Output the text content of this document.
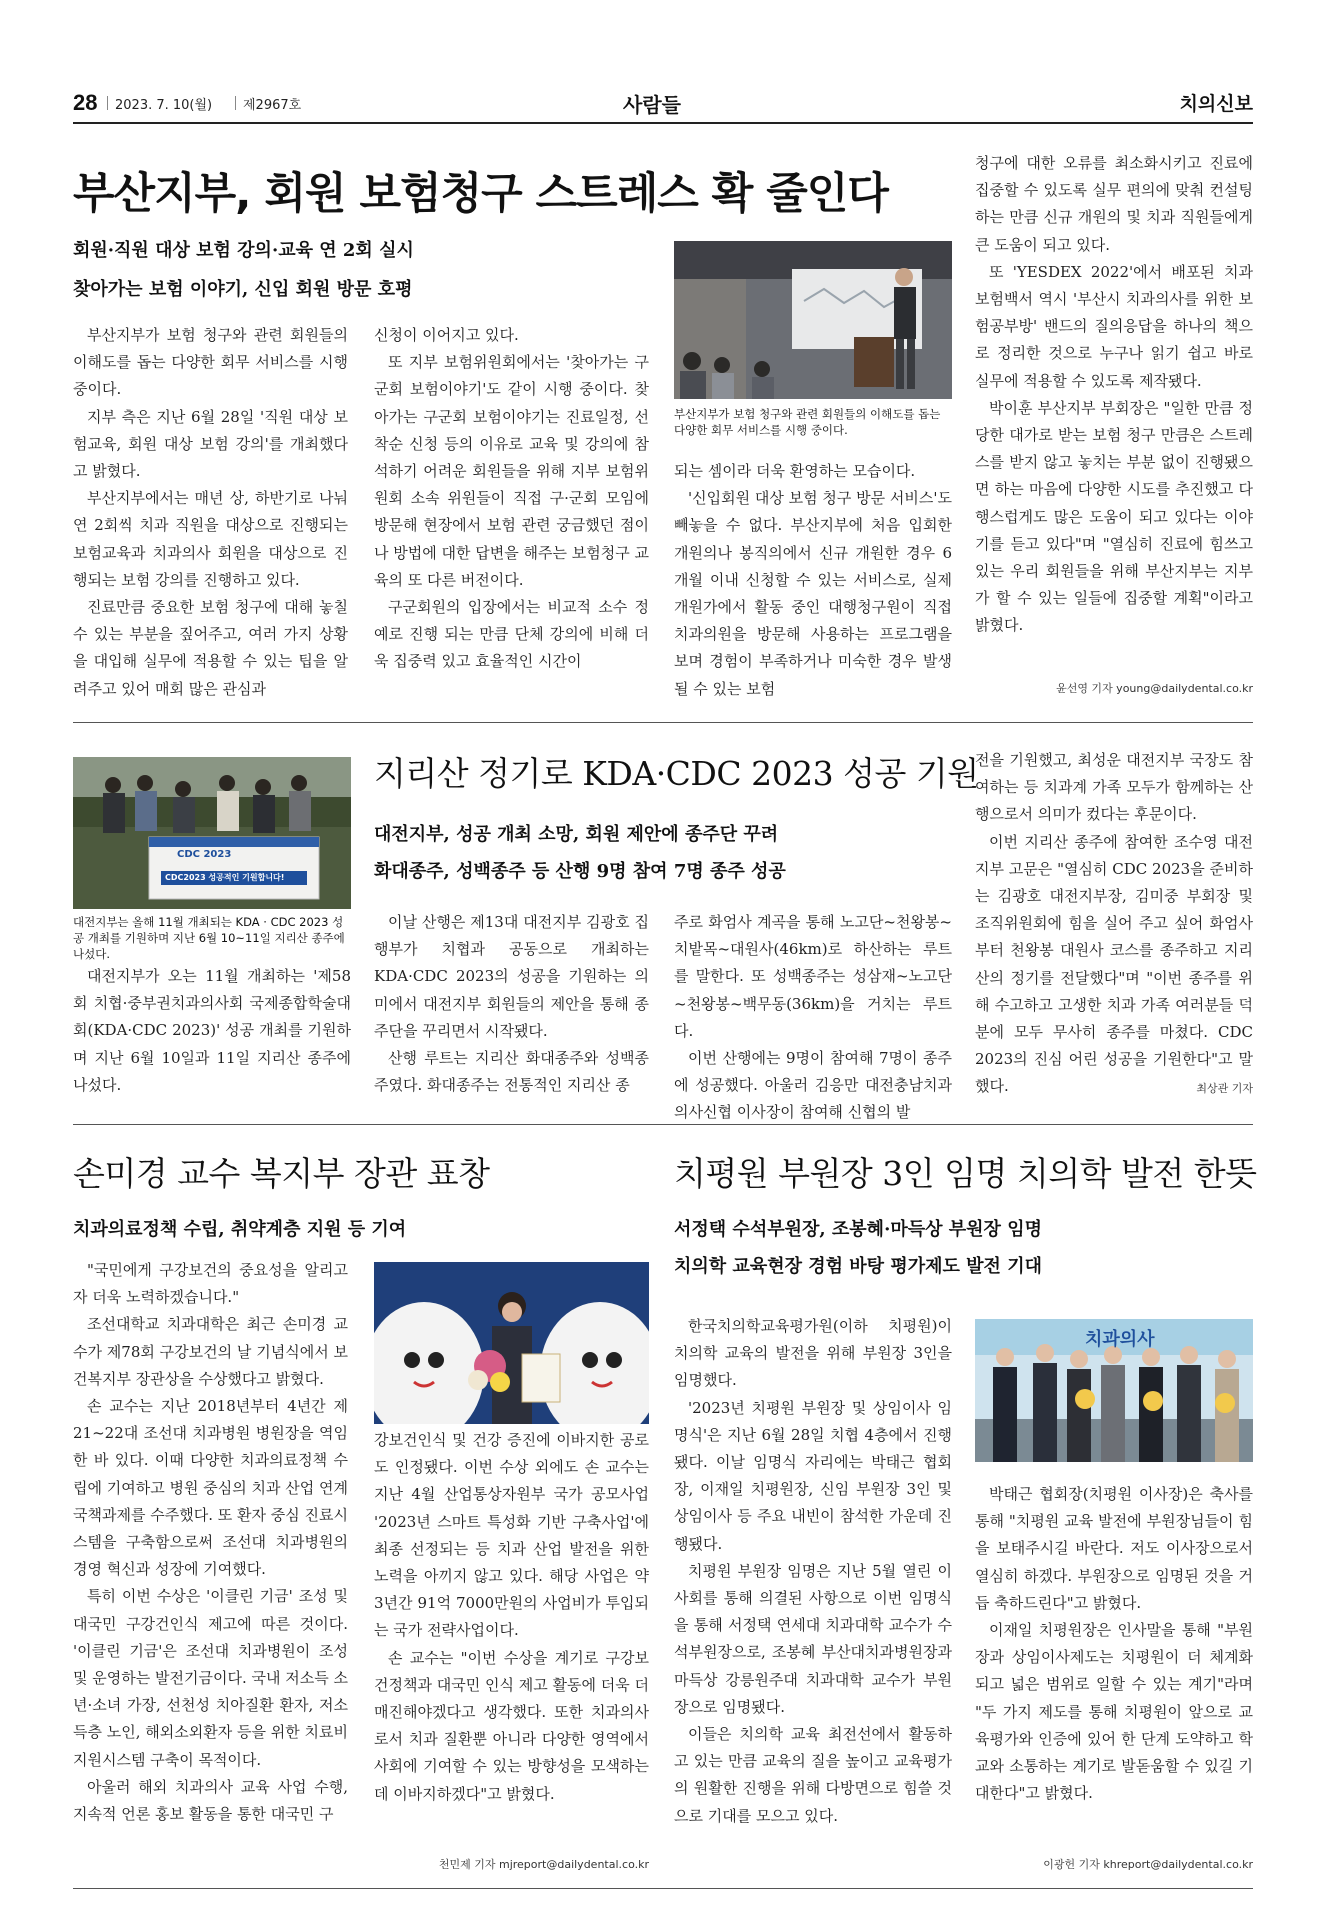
28 2023. 7. 10(월) 제2967호	사람들	치의신보
부산지부, 회원 보험청구 스트레스 확 줄인다
회원·직원 대상 보험 강의·교육 연 2회 실시
찾아가는 보험 이야기, 신입 회원 방문 호평
부산지부가 보험 청구와 관련 회원들의 이해도를 돕는 다양한 회무 서비스를 시행 중이다.

부산지부가 보험 청구와 관련 회원들의 이해도를 돕는 다양한 회무 서비스를 시행 중이다.

지부 측은 지난 6월 28일 '직원 대상 보험교육, 회원 대상 보험 강의'를 개최했다고 밝혔다.

부산지부에서는 매년 상, 하반기로 나눠 연 2회씩 치과 직원을 대상으로 진행되는 보험교육과 치과의사 회원을 대상으로 진행되는 보험 강의를 진행하고 있다.

진료만큼 중요한 보험 청구에 대해 놓칠 수 있는 부분을 짚어주고, 여러 가지 상황을 대입해 실무에 적용할 수 있는 팁을 알려주고 있어 매회 많은 관심과

신청이 이어지고 있다.

또 지부 보험위원회에서는 '찾아가는 구군회 보험이야기'도 같이 시행 중이다. 찾아가는 구군회 보험이야기는 진료일정, 선착순 신청 등의 이유로 교육 및 강의에 참석하기 어려운 회원들을 위해 지부 보험위원회 소속 위원들이 직접 구·군회 모임에 방문해 현장에서 보험 관련 궁금했던 점이나 방법에 대한 답변을 해주는 보험청구 교육의 또 다른 버전이다.

구군회원의 입장에서는 비교적 소수 정예로 진행 되는 만큼 단체 강의에 비해 더욱 집중력 있고 효율적인 시간이

되는 셈이라 더욱 환영하는 모습이다.

'신입회원 대상 보험 청구 방문 서비스'도 빼놓을 수 없다. 부산지부에 처음 입회한 개원의나 봉직의에서 신규 개원한 경우 6개월 이내 신청할 수 있는 서비스로, 실제 개원가에서 활동 중인 대행청구원이 직접 치과의원을 방문해 사용하는 프로그램을 보며 경험이 부족하거나 미숙한 경우 발생될 수 있는 보험

청구에 대한 오류를 최소화시키고 진료에 집중할 수 있도록 실무 편의에 맞춰 컨설팅 하는 만큼 신규 개원의 및 치과 직원들에게 큰 도움이 되고 있다.

또 'YESDEX 2022'에서 배포된 치과 보험백서 역시 '부산시 치과의사를 위한 보험공부방' 밴드의 질의응답을 하나의 책으로 정리한 것으로 누구나 읽기 쉽고 바로 실무에 적용할 수 있도록 제작됐다.

박이훈 부산지부 부회장은 "일한 만큼 정당한 대가로 받는 보험 청구 만큼은 스트레스를 받지 않고 놓치는 부분 없이 진행됐으면 하는 마음에 다양한 시도를 추진했고 다행스럽게도 많은 도움이 되고 있다는 이야기를 듣고 있다"며 "열심히 진료에 힘쓰고 있는 우리 회원들을 위해 부산지부는 지부가 할 수 있는 일들에 집중할 계획"이라고 밝혔다.

윤선영 기자 young@dailydental.co.kr
CDC 2023
CDC2023 성공적인 기원합니다!
대전지부는 올해 11월 개최되는 KDA · CDC 2023 성공 개최를 기원하며 지난 6월 10~11일 지리산 종주에 나섰다.
지리산 정기로 KDA·CDC 2023 성공 기원
대전지부, 성공 개최 소망, 회원 제안에 종주단 꾸려
화대종주, 성백종주 등 산행 9명 참여 7명 종주 성공

대전지부가 오는 11월 개최하는 '제58회 치협·중부권치과의사회 국제종합학술대회(KDA·CDC 2023)' 성공 개최를 기원하며 지난 6월 10일과 11일 지리산 종주에 나섰다.

이날 산행은 제13대 대전지부 김광호 집행부가 치협과 공동으로 개최하는 KDA·CDC 2023의 성공을 기원하는 의미에서 대전지부 회원들의 제안을 통해 종주단을 꾸리면서 시작됐다.

산행 루트는 지리산 화대종주와 성백종주였다. 화대종주는 전통적인 지리산 종

주로 화엄사 계곡을 통해 노고단~천왕봉~치밭목~대원사(46km)로 하산하는 루트를 말한다. 또 성백종주는 성삼재~노고단~천왕봉~백무동(36km)을 거치는 루트다.

이번 산행에는 9명이 참여해 7명이 종주에 성공했다. 아울러 김응만 대전충남치과의사신협 이사장이 참여해 신협의 발

전을 기원했고, 최성운 대전지부 국장도 참여하는 등 치과계 가족 모두가 함께하는 산행으로서 의미가 컸다는 후문이다.

이번 지리산 종주에 참여한 조수영 대전지부 고문은 "열심히 CDC 2023을 준비하는 김광호 대전지부장, 김미중 부회장 및 조직위원회에 힘을 실어 주고 싶어 화엄사부터 천왕봉 대원사 코스를 종주하고 지리산의 정기를 전달했다"며 "이번 종주를 위해 수고하고 고생한 치과 가족 여러분들 덕분에 모두 무사히 종주를 마쳤다. CDC 2023의 진심 어린 성공을 기원한다"고 말했다.	최상관 기자
손미경 교수 복지부 장관 표창
치과의료정책 수립, 취약계층 지원 등 기여

"국민에게 구강보건의 중요성을 알리고자 더욱 노력하겠습니다."

조선대학교 치과대학은 최근 손미경 교수가 제78회 구강보건의 날 기념식에서 보건복지부 장관상을 수상했다고 밝혔다.

손 교수는 지난 2018년부터 4년간 제21~22대 조선대 치과병원 병원장을 역임한 바 있다. 이때 다양한 치과의료정책 수립에 기여하고 병원 중심의 치과 산업 연계 국책과제를 수주했다. 또 환자 중심 진료시스템을 구축함으로써 조선대 치과병원의 경영 혁신과 성장에 기여했다.

특히 이번 수상은 '이클린 기금' 조성 및 대국민 구강건인식 제고에 따른 것이다. '이클린 기금'은 조선대 치과병원이 조성 및 운영하는 발전기금이다. 국내 저소득 소년·소녀 가장, 선천성 치아질환 환자, 저소득층 노인, 해외소외환자 등을 위한 치료비 지원시스템 구축이 목적이다.

아울러 해외 치과의사 교육 사업 수행, 지속적 언론 홍보 활동을 통한 대국민 구

강보건인식 및 건강 증진에 이바지한 공로도 인정됐다. 이번 수상 외에도 손 교수는 지난 4월 산업통상자원부 국가 공모사업 '2023년 스마트 특성화 기반 구축사업'에 최종 선정되는 등 치과 산업 발전을 위한 노력을 아끼지 않고 있다. 해당 사업은 약 3년간 91억 7000만원의 사업비가 투입되는 국가 전략사업이다.

손 교수는 "이번 수상을 계기로 구강보건정책과 대국민 인식 제고 활동에 더욱 더 매진해야겠다고 생각했다. 또한 치과의사로서 치과 질환뿐 아니라 다양한 영역에서 사회에 기여할 수 있는 방향성을 모색하는 데 이바지하겠다"고 밝혔다.

천민제 기자 mjreport@dailydental.co.kr
치평원 부원장 3인 임명 치의학 발전 한뜻
서정택 수석부원장, 조봉혜·마득상 부원장 임명
치의학 교육현장 경험 바탕 평가제도 발전 기대

한국치의학교육평가원(이하 치평원)이 치의학 교육의 발전을 위해 부원장 3인을 임명했다.

'2023년 치평원 부원장 및 상임이사 임명식'은 지난 6월 28일 치협 4층에서 진행됐다. 이날 임명식 자리에는 박태근 협회장, 이재일 치평원장, 신임 부원장 3인 및 상임이사 등 주요 내빈이 참석한 가운데 진행됐다.

치평원 부원장 임명은 지난 5월 열린 이사회를 통해 의결된 사항으로 이번 임명식을 통해 서정택 연세대 치과대학 교수가 수석부원장으로, 조봉혜 부산대치과병원장과 마득상 강릉원주대 치과대학 교수가 부원장으로 임명됐다.

이들은 치의학 교육 최전선에서 활동하고 있는 만큼 교육의 질을 높이고 교육평가의 원활한 진행을 위해 다방면으로 힘쓸 것으로 기대를 모으고 있다.

치과의사

박태근 협회장(치평원 이사장)은 축사를 통해 "치평원 교육 발전에 부원장님들이 힘을 보태주시길 바란다. 저도 이사장으로서 열심히 하겠다. 부원장으로 임명된 것을 거듭 축하드린다"고 밝혔다.

이재일 치평원장은 인사말을 통해 "부원장과 상임이사제도는 치평원이 더 체계화되고 넓은 범위로 일할 수 있는 계기"라며 "두 가지 제도를 통해 치평원이 앞으로 교육평가와 인증에 있어 한 단계 도약하고 학교와 소통하는 계기로 발돋움할 수 있길 기대한다"고 밝혔다.

이광헌 기자 khreport@dailydental.co.kr
